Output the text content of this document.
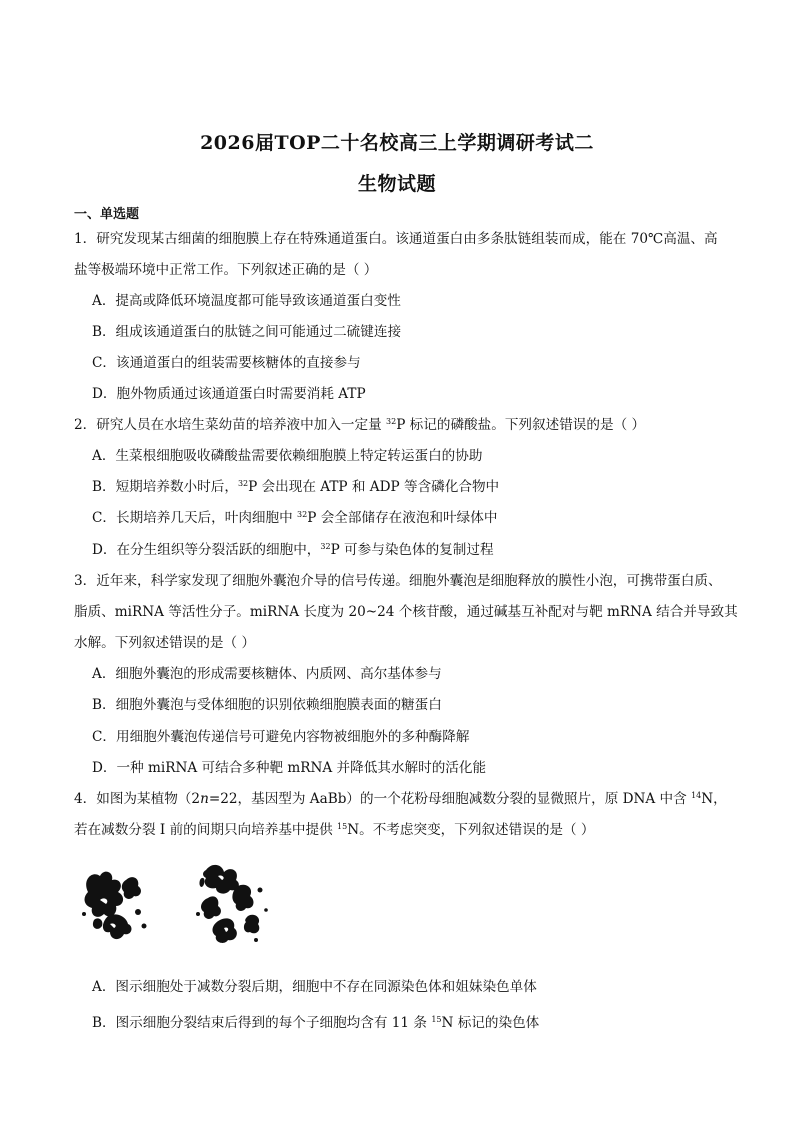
2026届TOP二十名校高三上学期调研考试二
生物试题
一、单选题
1．研究发现某古细菌的细胞膜上存在特殊通道蛋白。该通道蛋白由多条肽链组装而成，能在 70℃高温、高
盐等极端环境中正常工作。下列叙述正确的是（ ）
A．提高或降低环境温度都可能导致该通道蛋白变性
B．组成该通道蛋白的肽链之间可能通过二硫键连接
C．该通道蛋白的组装需要核糖体的直接参与
D．胞外物质通过该通道蛋白时需要消耗 ATP
2．研究人员在水培生菜幼苗的培养液中加入一定量 $^{32}$P 标记的磷酸盐。下列叙述错误的是（ ）
A．生菜根细胞吸收磷酸盐需要依赖细胞膜上特定转运蛋白的协助
B．短期培养数小时后，$^{32}$P 会出现在 ATP 和 ADP 等含磷化合物中
C．长期培养几天后，叶肉细胞中 $^{32}$P 会全部储存在液泡和叶绿体中
D．在分生组织等分裂活跃的细胞中，$^{32}$P 可参与染色体的复制过程
3．近年来，科学家发现了细胞外囊泡介导的信号传递。细胞外囊泡是细胞释放的膜性小泡，可携带蛋白质、
脂质、miRNA 等活性分子。miRNA 长度为 20~24 个核苷酸，通过碱基互补配对与靶 mRNA 结合并导致其
水解。下列叙述错误的是（ ）
A．细胞外囊泡的形成需要核糖体、内质网、高尔基体参与
B．细胞外囊泡与受体细胞的识别依赖细胞膜表面的糖蛋白
C．用细胞外囊泡传递信号可避免内容物被细胞外的多种酶降解
D．一种 miRNA 可结合多种靶 mRNA 并降低其水解时的活化能
4．如图为某植物（2n=22，基因型为 AaBb）的一个花粉母细胞减数分裂的显微照片，原 DNA 中含 $^{14}$N，
若在减数分裂 I 前的间期只向培养基中提供 $^{15}$N。不考虑突变，下列叙述错误的是（ ）
A．图示细胞处于减数分裂后期，细胞中不存在同源染色体和姐妹染色单体
B．图示细胞分裂结束后得到的每个子细胞均含有 11 条 $^{15}$N 标记的染色体
